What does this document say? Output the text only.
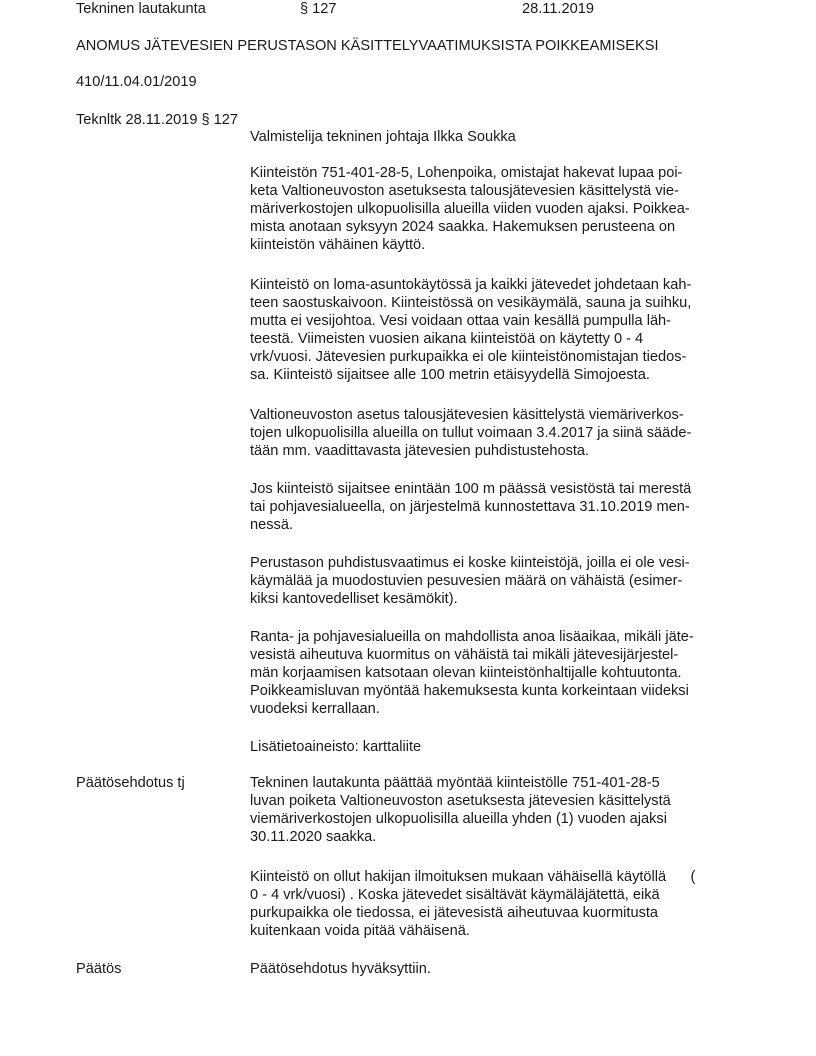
Tekninen lautakunta	§ 127	28.11.2019
ANOMUS JÄTEVESIEN PERUSTASON KÄSITTELYVAATIMUKSISTA POIKKEAMISEKSI
410/11.04.01/2019
Teknltk 28.11.2019 § 127
Valmistelija tekninen johtaja Ilkka Soukka

Kiinteistön 751-401-28-5, Lohenpoika, omistajat hakevat lupaa poi-
keta Valtioneuvoston asetuksesta talousjätevesien käsittelystä vie-
märiverkostojen ulkopuolisilla alueilla viiden vuoden ajaksi. Poikkea-
mista anotaan syksyyn 2024 saakka. Hakemuksen perusteena on
kiinteistön vähäinen käyttö.

Kiinteistö on loma-asuntokäytössä ja kaikki jätevedet johdetaan kah-
teen saostuskaivoon. Kiinteistössä on vesikäymälä, sauna ja suihku,
mutta ei vesijohtoa. Vesi voidaan ottaa vain kesällä pumpulla läh-
teestä. Viimeisten vuosien aikana kiinteistöä on käytetty 0 - 4
vrk/vuosi. Jätevesien purkupaikka ei ole kiinteistönomistajan tiedos-
sa. Kiinteistö sijaitsee alle 100 metrin etäisyydellä Simojoesta.

Valtioneuvoston asetus talousjätevesien käsittelystä viemäriverkos-
tojen ulkopuolisilla alueilla on tullut voimaan 3.4.2017 ja siinä sääde-
tään mm. vaadittavasta jätevesien puhdistustehosta.

Jos kiinteistö sijaitsee enintään 100 m päässä vesistöstä tai merestä
tai pohjavesialueella, on järjestelmä kunnostettava 31.10.2019 men-
nessä.

Perustason puhdistusvaatimus ei koske kiinteistöjä, joilla ei ole vesi-
käymälää ja muodostuvien pesuvesien määrä on vähäistä (esimer-
kiksi kantovedelliset kesämökit).

Ranta- ja pohjavesialueilla on mahdollista anoa lisäaikaa, mikäli jäte-
vesistä aiheutuva kuormitus on vähäistä tai mikäli jätevesijärjestel-
män korjaamisen katsotaan olevan kiinteistönhaltijalle kohtuutonta.
Poikkeamisluvan myöntää hakemuksesta kunta korkeintaan viideksi
vuodeksi kerrallaan.

Lisätietoaineisto: karttaliite

Päätösehdotus tj	Tekninen lautakunta päättää myöntää kiinteistölle 751-401-28-5
luvan poiketa Valtioneuvoston asetuksesta jätevesien käsittelystä
viemäriverkostojen ulkopuolisilla alueilla yhden (1) vuoden ajaksi
30.11.2020 saakka.

Kiinteistö on ollut hakijan ilmoituksen mukaan vähäisellä käytöllä      (
0 - 4 vrk/vuosi) . Koska jätevedet sisältävät käymäläjätettä, eikä
purkupaikka ole tiedossa, ei jätevesistä aiheutuvaa kuormitusta
kuitenkaan voida pitää vähäisenä.

Päätös	Päätösehdotus hyväksyttiin.
